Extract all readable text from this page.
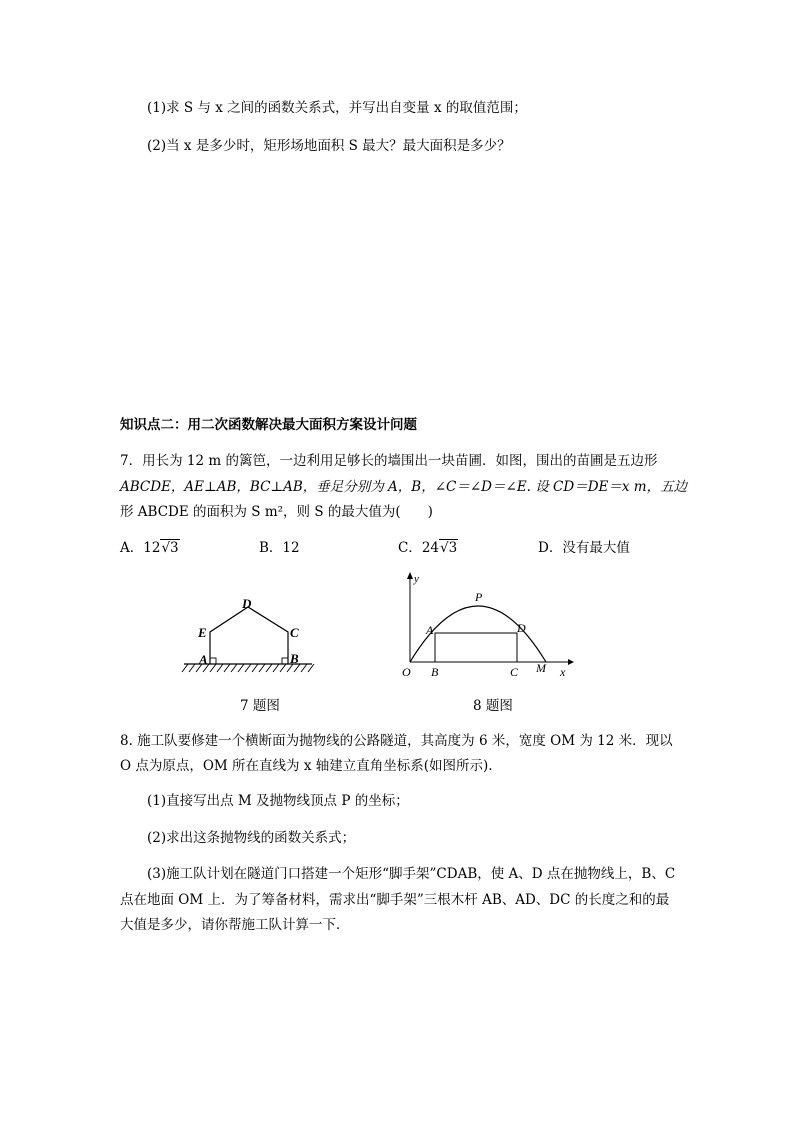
(1)求 S 与 x 之间的函数关系式，并写出自变量 x 的取值范围；
(2)当 x 是多少时，矩形场地面积 S 最大？最大面积是多少？
知识点二：用二次函数解决最大面积方案设计问题
7．用长为 12 m 的篱笆，一边利用足够长的墙围出一块苗圃．如图，围出的苗圃是五边形
ABCDE，AE⊥AB，BC⊥AB，垂足分别为 A，B，∠C＝∠D＝∠E. 设 CD＝DE＝x m，五边
形 ABCDE 的面积为 S m²，则 S 的最大值为(　　)
A．12√3	B．12	C．24√3	D．没有最大值
D
E	C
A	B
7 题图
O B	C M x
y
A	D
P
8 题图
8. 施工队要修建一个横断面为抛物线的公路隧道，其高度为 6 米，宽度 OM 为 12 米．现以
O 点为原点，OM 所在直线为 x 轴建立直角坐标系(如图所示).
(1)直接写出点 M 及抛物线顶点 P 的坐标；
(2)求出这条抛物线的函数关系式；
(3)施工队计划在隧道门口搭建一个矩形“脚手架”CDAB，使 A、D 点在抛物线上，B、C
点在地面 OM 上．为了筹备材料，需求出“脚手架”三根木杆 AB、AD、DC 的长度之和的最
大值是多少，请你帮施工队计算一下．
